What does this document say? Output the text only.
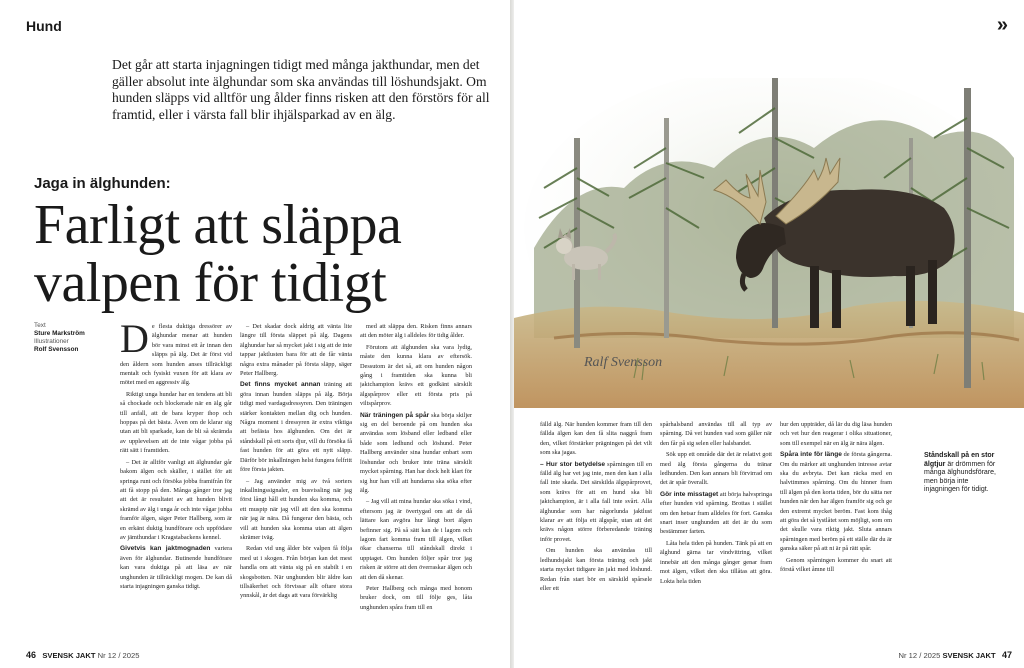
Hund
Det går att starta injagningen tidigt med många jakthundar, men det gäller absolut inte älghundar som ska användas till löshundsjakt. Om hunden släpps vid alltför ung ålder finns risken att den förstörs för all framtid, eller i värsta fall blir ihjälsparkad av en älg.
Jaga in älghunden:
Farligt att släppa
valpen för tidigt
Text
Sture Markström
Illustrationer
Rolf Svensson	De flesta duktiga dressörer av älghundar menar att hunden bör vara minst ett år innan den släpps på älg. Det är först vid den åldern som hunden anses tillräckligt mentalt och fysiskt vuxen för att klara av mötet med en aggressiv älg.

Riktigt unga hundar har en tendens att bli så chockade och blockerade när en älg går till anfall, att de bara kryper ihop och hoppas på det bästa. Även om de klarar sig utan att bli sparkade, kan de bli så skrämda av upplevelsen att de inte vågar jobba på rätt sätt i framtiden.

– Det är alltför vanligt att älghundar går bakom älgen och skäller, i stället för att springa runt och försöka jobba framifrån för att få stopp på den. Många gånger tror jag att det är resultatet av att hunden blivit skrämd av älg i unga år och inte vågar jobba framför älgen, säger Peter Hallberg, som är en erkänt duktig hundförare och uppfödare av jämthundar i Kragstabackens kennel.

Givetvis kan jaktmognaden variera även för älghundar. Butinende hundförare kan vara duktiga på att läsa av när unghunden är tillräckligt mogen. De kan då starta injagningen ganska tidigt.

– Det skadar dock aldrig att vänta lite längre till första släppet på älg. Dagens älghundar har så mycket jakt i sig att de inte tappar jaktlusten bara för att de får vänta några extra månader på första släpp, säger Peter Hallberg.

Det finns mycket annan träning att göra innan hunden släpps på älg. Börja tidigt med vardagsdressyren. Den träningen stärker kontakten mellan dig och hunden. Några moment i dressyren är extra viktiga att befästa hos älghunden. Om det är ståndskall på ett sorts djur, vill du försöka få fast hunden för att göra ett nytt släpp. Därför bör inkallningen helst fungera felfritt före första jakten.

– Jag använder mig av två sorters inkallningssignaler, en busvissling när jag först långt håll ett hunden ska komma, och ett muspip när jag vill att den ska komma när jag är nära. Då fungerar den bästa, och vill att hunden ska komma utan att älgen skrämer iväg.

Redan vid ung ålder bör valpen få följa med ut i skogen. Från början kan det mest handla om att vänta sig på en stabilt i en skogsbotten. När unghunden blir äldre kan tillsäkerhet och förvissar allt oftare stora ynnskål, är det dags att vara förvärklig

med att släppa den. Risken finns annars att den möter älg i alldeles för tidig ålder.

Förutom att älghunden ska vara lydig, måste den kunna klara av eftersök. Dessutom är det så, att om hunden någon gång i framtiden ska kunna bli jaktchampion krävs ett godkänt särskilt älgspårprov eller ett första pris på viltspårprov.

När träningen på spår ska börja skiljer sig en del beroende på om hunden ska användas som lösband eller ledband eller både som ledhund och löshund. Peter Hallberg använder sina hundar enbart som löshundar och bruker inte träna särskilt mycket spårning. Han har dock helt klart för sig hur han vill att hundarna ska söka efter älg.

– Jag vill att mina hundar ska söka i vind, eftersom jag är övertygad om att de då lättare kan avgöra hur långt bort älgen befinner sig. På så sätt kan de i lagom och lagom fart komma fram till älgen, vilket ökar chanserna till ståndskall direkt i upptaget. Om hunden följer spår tror jag risken är större att den överraskar älgen och att den då skenar.

Peter Hallberg och många med honom bruker dock, om till följe ges, låta unghunden spåra fram till en

46 SVENSK JAKT Nr 12 / 2025
»
Ralf Svensson

fälld älg. När hunden kommer fram till den fällda älgen kan den få slita naggrå fram den, vilket förstärker prägningen på det vilt som ska jagas.

– Hur stor betydelse spårningen till en fälld älg har vet jag inte, men den kan i alla fall inte skada. Det särskilda älgspårprovet, som krävs för att en hund ska bli jaktchampion, är i alla fall inte svårt. Alla älghundar som har någorlunda jaktlust klarar av att följa ett älgspår, utan att det krävs någon större förberedande träning inför provet.

Om hunden ska användas till ledhundsjakt kan första träning och jakt starta mycket tidigare än jakt med löshund. Redan från start bör en särskild spårsele eller ett

spårhalsband användas till all typ av spårning. Då vet hunden vad som gäller när den får på sig selen eller halsbandet.

Sök upp ett område där det är relativt gott med älg första gångerna du tränar ledhunden. Den kan annars bli förvirrad om det är spår överallt.

Gör inte misstaget att börja halvspringa efter hunden vid spårning. Brottas i stället om den hetsar fram alldeles för fort. Ganska snart inser unghunden att det är du som bestämmer farten.

Låta hela tiden på hunden. Tänk på att en älghund gärna tar vindvittring, vilket innebär att den många gånger genar fram mot älgen, vilket den ska tillåtas att göra. Lokta hela tiden

hur den uppträder, då lär du dig läsa hunden och vet hur den reagerar i olika situationer, som till exempel när en älg är nära älgen.

Spåra inte för länge de första gångerna. Om du märker att unghunden intresse avtar ska du avbryta. Det kan räcka med en halvtimmes spårning. Om du hinner fram till älgen på den korta tiden, bör du sätta ner hunden när den har älgen framför sig och ge den extremt mycket beröm. Fast kom ihåg att göra det så tystlåtet som möjligt, som om det skulle vara riktig jakt. Sluta annars spårningen med beröm på ett ställe där du är ganska säker på att ni är på rätt spår.

Genom spårningen kommer du snart att förstå vilket åmne till

Ståndskall på en stor älgtjur är drömmen för många älghundsförare, men börja inte injagningen för tidigt.
Nr 12 / 2025 SVENSK JAKT 47
